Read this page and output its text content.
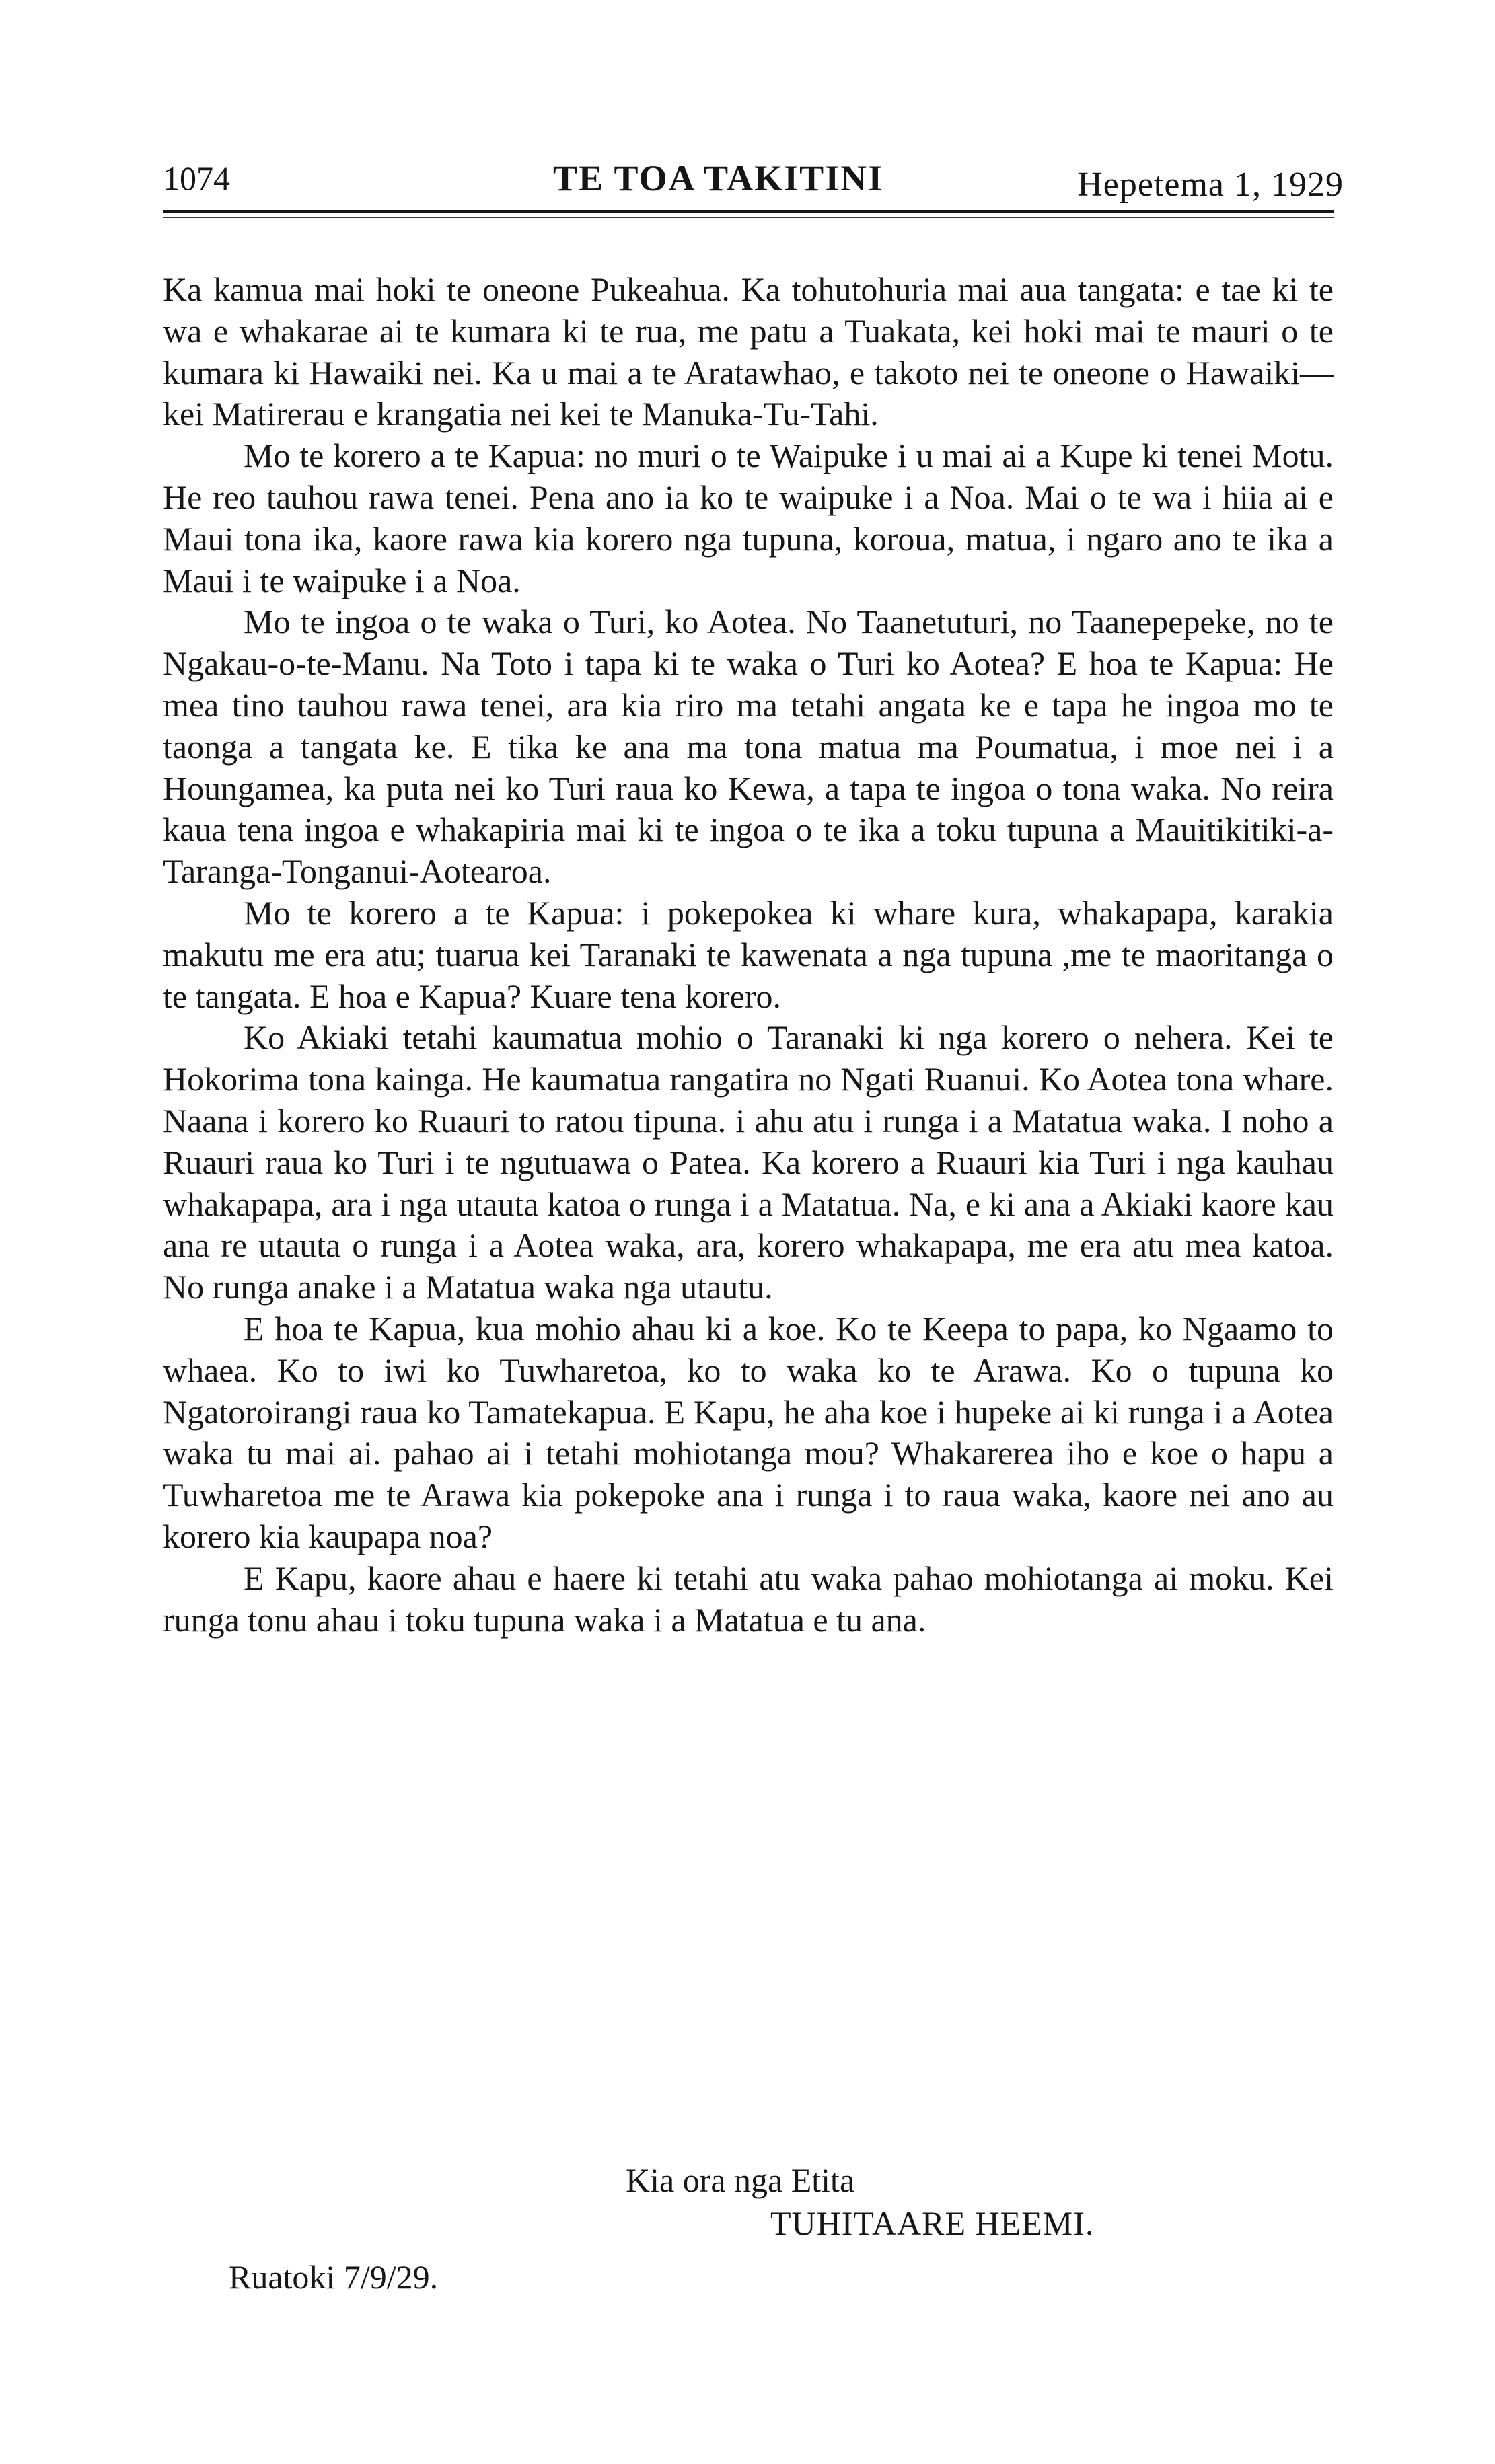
1074	TE TOA TAKITINI	Hepetema 1, 1929

Ka kamua mai hoki te oneone Pukeahua. Ka tohutohuria mai aua tangata: e tae ki te wa e whakarae ai te kumara ki te rua, me patu a Tuakata, kei hoki mai te mauri o te kumara ki Hawaiki nei. Ka u mai a te Aratawhao, e takoto nei te oneone o Hawaiki—kei Matirerau e krangatia nei kei te Manuka-Tu-Tahi.

Mo te korero a te Kapua: no muri o te Waipuke i u mai ai a Kupe ki tenei Motu. He reo tauhou rawa tenei. Pena ano ia ko te waipuke i a Noa. Mai o te wa i hiia ai e Maui tona ika, kaore rawa kia korero nga tupuna, koroua, matua, i ngaro ano te ika a Maui i te waipuke i a Noa.

Mo te ingoa o te waka o Turi, ko Aotea. No Taanetuturi, no Taanepepeke, no te Ngakau-o-te-Manu. Na Toto i tapa ki te waka o Turi ko Aotea? E hoa te Kapua: He mea tino tauhou rawa tenei, ara kia riro ma tetahi angata ke e tapa he ingoa mo te taonga a tangata ke. E tika ke ana ma tona matua ma Poumatua, i moe nei i a Houngamea, ka puta nei ko Turi raua ko Kewa, a tapa te ingoa o tona waka. No reira kaua tena ingoa e whakapiria mai ki te ingoa o te ika a toku tupuna a Mauitikitiki-a-Taranga-Tonganui-Aotearoa.

Mo te korero a te Kapua: i pokepokea ki whare kura, whakapapa, karakia makutu me era atu; tuarua kei Taranaki te kawenata a nga tupuna ,me te maoritanga o te tangata. E hoa e Kapua? Kuare tena korero.

Ko Akiaki tetahi kaumatua mohio o Taranaki ki nga korero o nehera. Kei te Hokorima tona kainga. He kaumatua rangatira no Ngati Ruanui. Ko Aotea tona whare. Naana i korero ko Ruauri to ratou tipuna. i ahu atu i runga i a Matatua waka. I noho a Ruauri raua ko Turi i te ngutuawa o Patea. Ka korero a Ruauri kia Turi i nga kauhau whakapapa, ara i nga utauta katoa o runga i a Matatua. Na, e ki ana a Akiaki kaore kau ana re utauta o runga i a Aotea waka, ara, korero whakapapa, me era atu mea katoa. No runga anake i a Matatua waka nga utautu.

E hoa te Kapua, kua mohio ahau ki a koe. Ko te Keepa to papa, ko Ngaamo to whaea. Ko to iwi ko Tuwharetoa, ko to waka ko te Arawa. Ko o tupuna ko Ngatoroirangi raua ko Tamatekapua. E Kapu, he aha koe i hupeke ai ki runga i a Aotea waka tu mai ai. pahao ai i tetahi mohiotanga mou? Whakarerea iho e koe o hapu a Tuwharetoa me te Arawa kia pokepoke ana i runga i to raua waka, kaore nei ano au korero kia kaupapa noa?

E Kapu, kaore ahau e haere ki tetahi atu waka pahao mohiotanga ai moku. Kei runga tonu ahau i toku tupuna waka i a Matatua e tu ana.

Kia ora nga Etita
TUHITAARE HEEMI.
Ruatoki 7/9/29.
